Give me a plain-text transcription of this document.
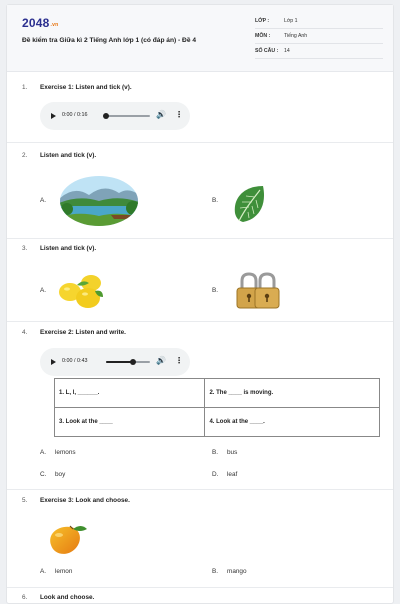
2048.vn
Đề kiểm tra Giữa kì 2 Tiếng Anh lớp 1 (có đáp án) - Đề 4
LỚP :	Lớp 1
MÔN :	Tiếng Anh
SỐ CÂU : 14
1. Exercise 1: Listen and tick (v).
0:00 / 0:16	🔊 ⋮
2. Listen and tick (v).
A.	B.
3. Listen and tick (v).
A.	B.
4. Exercise 2: Listen and write.
0:00 / 0:43	🔊 ⋮
1. L, l, ______.	2. The ____ is moving.
3. Look at the ____	4. Look at the ____.
A. lemons	B. bus
C. boy	D. leaf
5. Exercise 3: Look and choose.
A. lemon	B. mango
6. Look and choose.
